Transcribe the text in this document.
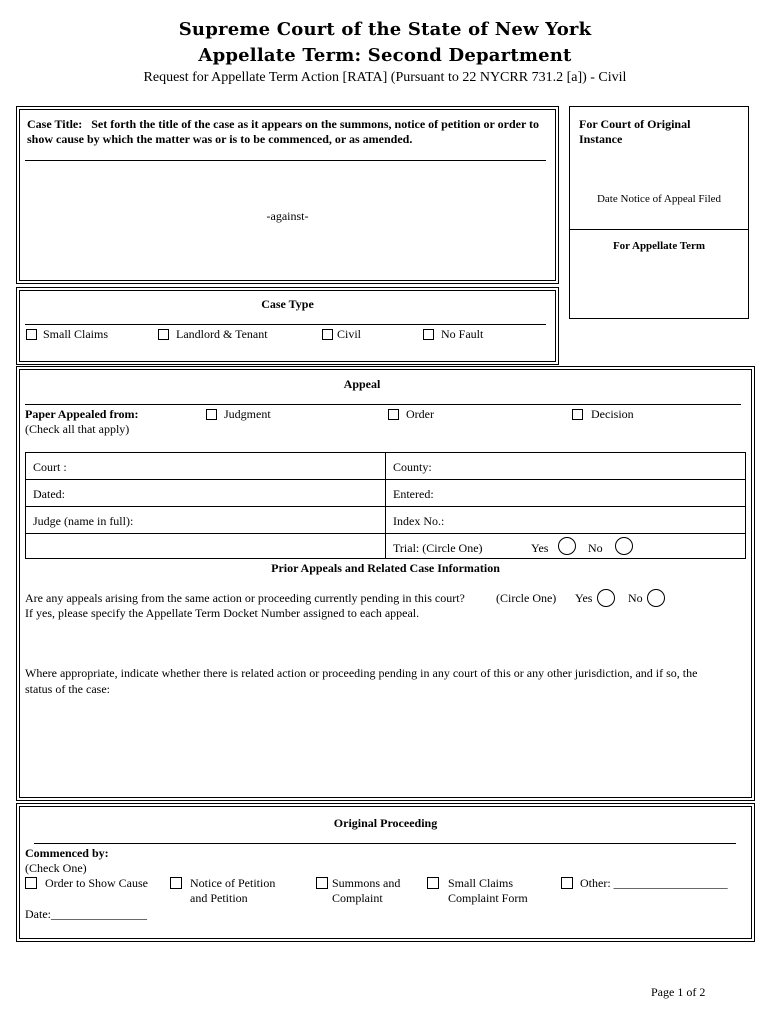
Supreme Court of the State of New York
Appellate Term: Second Department
Request for Appellate Term Action [RATA] (Pursuant to 22 NYCRR 731.2 [a]) - Civil
Case Title: Set forth the title of the case as it appears on the summons, notice of petition or order to show cause by which the matter was or is to be commenced, or as amended.
-against-
For Court of Original Instance
Date Notice of Appeal Filed
For Appellate Term
Case Type
Small Claims	Landlord & Tenant	Civil	No Fault
Appeal
Paper Appealed from:
(Check all that apply)
Judgment	Order	Decision
Court :	County:
Dated:	Entered:
Judge (name in full):	Index No.:
Trial: (Circle One)	Yes	No
Prior Appeals and Related Case Information
Are any appeals arising from the same action or proceeding currently pending in this court?	(Circle One) Yes	No
If yes, please specify the Appellate Term Docket Number assigned to each appeal.
Where appropriate, indicate whether there is related action or proceeding pending in any court of this or any other jurisdiction, and if so, the
status of the case:
Original Proceeding
Commenced by:
(Check One)
Order to Show Cause	Notice of Petition
and Petition
Summons and
Complaint
Small Claims
Complaint Form
Other: ___________________
Date:________________
Page 1 of 2
